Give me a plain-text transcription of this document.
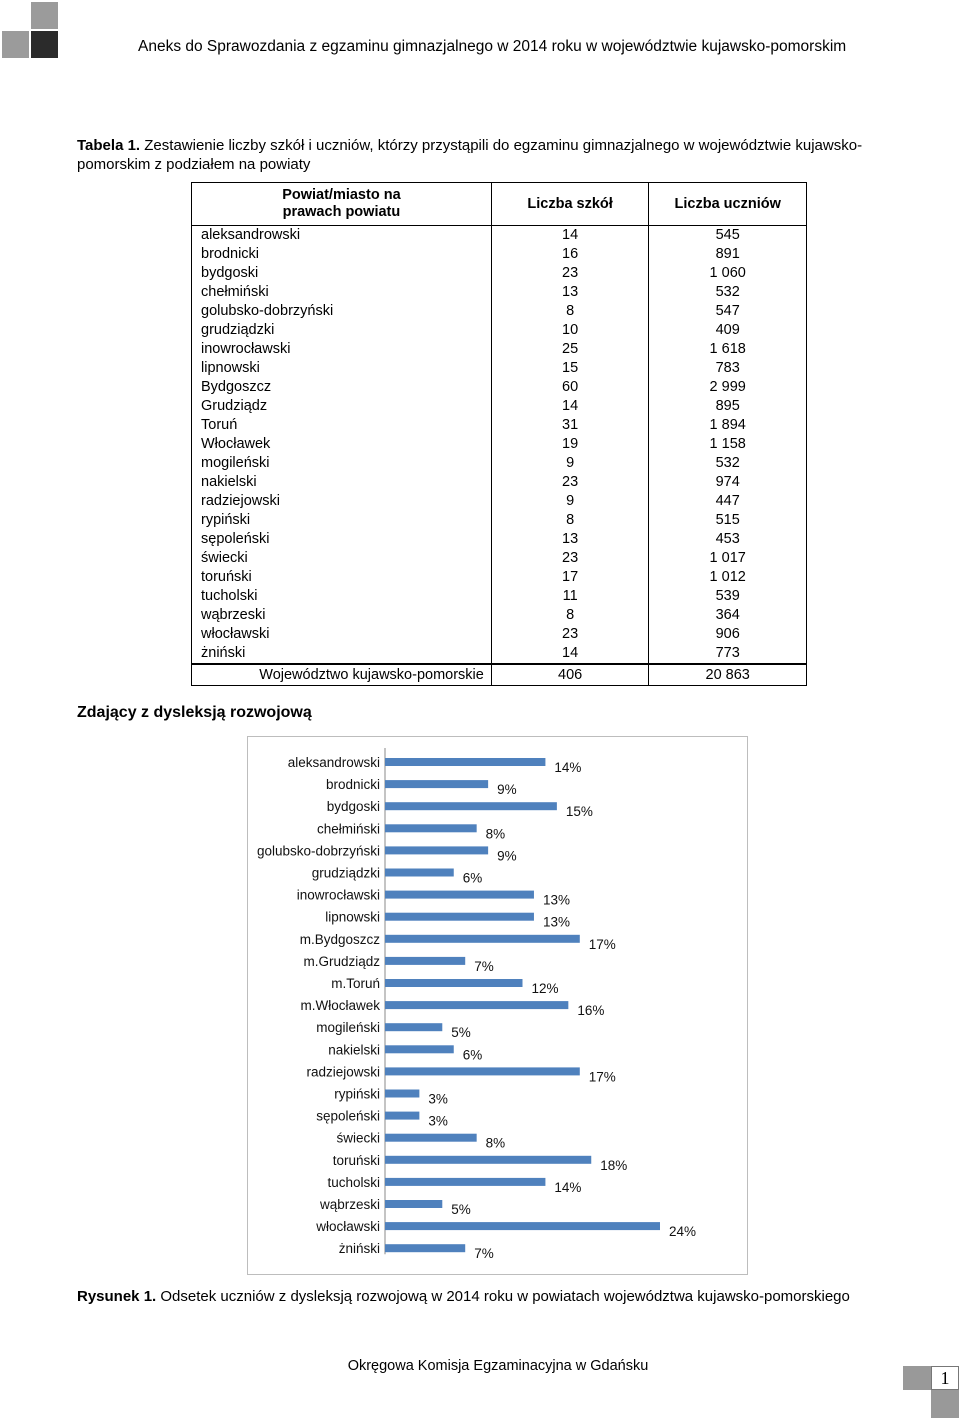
Aneks do Sprawozdania z egzaminu gimnazjalnego w 2014 roku w województwie kujawsko-pomorskim
Tabela 1. Zestawienie liczby szkół i uczniów, którzy przystąpili do egzaminu gimnazjalnego w województwie kujawsko-pomorskim z podziałem na powiaty
Powiat/miasto na prawach powiatu	Liczba szkół	Liczba uczniów
aleksandrowski	14	545
brodnicki	16	891
bydgoski	23	1 060
chełmiński	13	532
golubsko-dobrzyński	8	547
grudziądzki	10	409
inowrocławski	25	1 618
lipnowski	15	783
Bydgoszcz	60	2 999
Grudziądz	14	895
Toruń	31	1 894
Włocławek	19	1 158
mogileński	9	532
nakielski	23	974
radziejowski	9	447
rypiński	8	515
sępoleński	13	453
świecki	23	1 017
toruński	17	1 012
tucholski	11	539
wąbrzeski	8	364
włocławski	23	906
żniński	14	773
Województwo kujawsko-pomorskie	406	20 863
Zdający z dysleksją rozwojową
aleksandrowski	14%
brodnicki	9%
bydgoski	15%
chełmiński	8%
golubsko-dobrzyński	9%
grudziądzki	6%
inowrocławski	13%
lipnowski	13%
m.Bydgoszcz	17%
m.Grudziądz	7%
m.Toruń	12%
m.Włocławek	16%
mogileński	5%
nakielski	6%
radziejowski	17%
rypiński	3%
sępoleński	3%
świecki	8%
toruński	18%
tucholski	14%
wąbrzeski	5%
włocławski	24%
żniński	7%
Rysunek 1. Odsetek uczniów z dysleksją rozwojową w 2014 roku w powiatach województwa kujawsko-pomorskiego
Okręgowa Komisja Egzaminacyjna w Gdańsku
1
